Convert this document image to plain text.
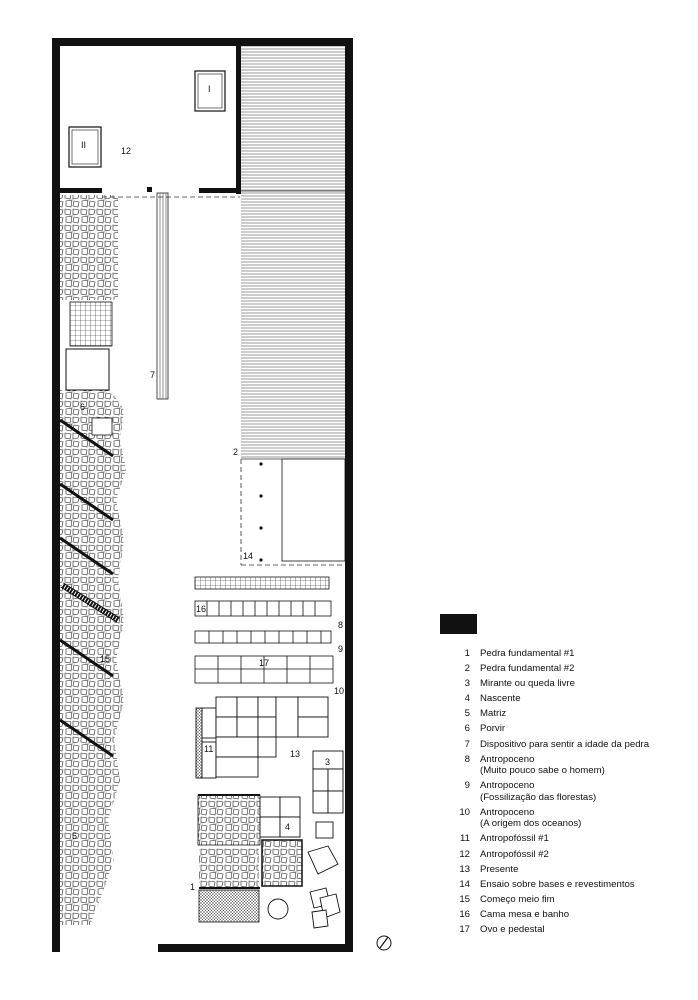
I
II
12
7
6
15
5
2
14
16
8
9
17
10
11	13
3
4
1
1	Pedra fundamental #1
2	Pedra fundamental #2
3	Mirante ou queda livre
4	Nascente
5	Matriz
6	Porvir
7	Dispositivo para sentir a idade da pedra
8	Antropoceno
(Muito pouco sabe o homem)
9	Antropoceno
(Fossilização das florestas)
10	Antropoceno
(A origem dos oceanos)
11	Antropofóssil #1
12	Antropofóssil #2
13	Presente
14	Ensaio sobre bases e revestimentos
15	Começo meio fim
16	Cama mesa e banho
17	Ovo e pedestal
